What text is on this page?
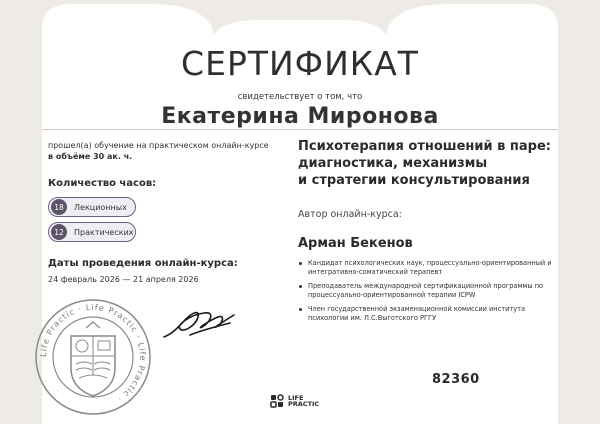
СЕРТИФИКАТ
свидетельствует о том, что
Екатерина Миронова
прошел(а) обучение на практическом онлайн-курсе
в объёме 30 ак. ч.
Количество часов:
18	Лекционных
12	Практических
Даты проведения онлайн-курса:
24 февраль 2026 — 21 апреля 2026
Психотерапия отношений в паре:
диагностика, механизмы
и стратегии консультирования
Автор онлайн-курса:
Арман Бекенов
Кандидат психологических наук, процессуально-ориентированный и интегративно-соматический терапевт
Преподаватель международной сертификационной программы по процессуально-ориентированной терапии ICPW
Член государственной экзаменационной комиссии института психологии им. Л.С.Выготского РГГУ
Life Practic · Life Practic · Life Practic ·
82360
LIFE
PRACTIC
